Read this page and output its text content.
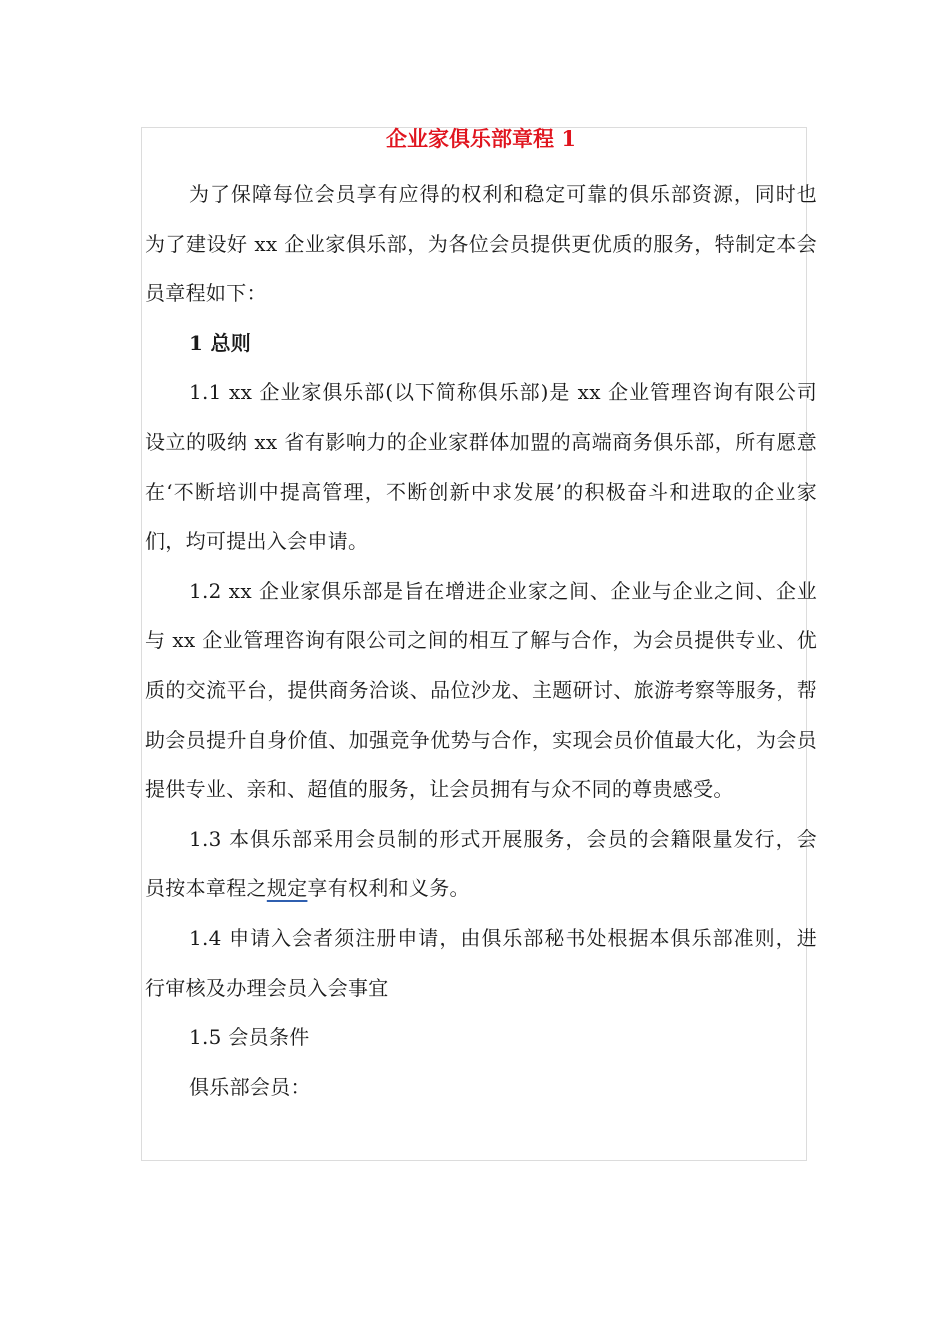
企业家俱乐部章程 1

为了保障每位会员享有应得的权利和稳定可靠的俱乐部资源，同时也为了建设好 xx 企业家俱乐部，为各位会员提供更优质的服务，特制定本会员章程如下：

1 总则

1.1 xx 企业家俱乐部(以下简称俱乐部)是 xx 企业管理咨询有限公司设立的吸纳 xx 省有影响力的企业家群体加盟的高端商务俱乐部，所有愿意在‘不断培训中提高管理，不断创新中求发展’的积极奋斗和进取的企业家们，均可提出入会申请。

1.2 xx 企业家俱乐部是旨在增进企业家之间、企业与企业之间、企业与 xx 企业管理咨询有限公司之间的相互了解与合作，为会员提供专业、优质的交流平台，提供商务洽谈、品位沙龙、主题研讨、旅游考察等服务，帮助会员提升自身价值、加强竞争优势与合作，实现会员价值最大化，为会员提供专业、亲和、超值的服务，让会员拥有与众不同的尊贵感受。

1.3 本俱乐部采用会员制的形式开展服务，会员的会籍限量发行，会员按本章程之规定享有权利和义务。

1.4 申请入会者须注册申请，由俱乐部秘书处根据本俱乐部准则，进行审核及办理会员入会事宜

1.5 会员条件

俱乐部会员：
